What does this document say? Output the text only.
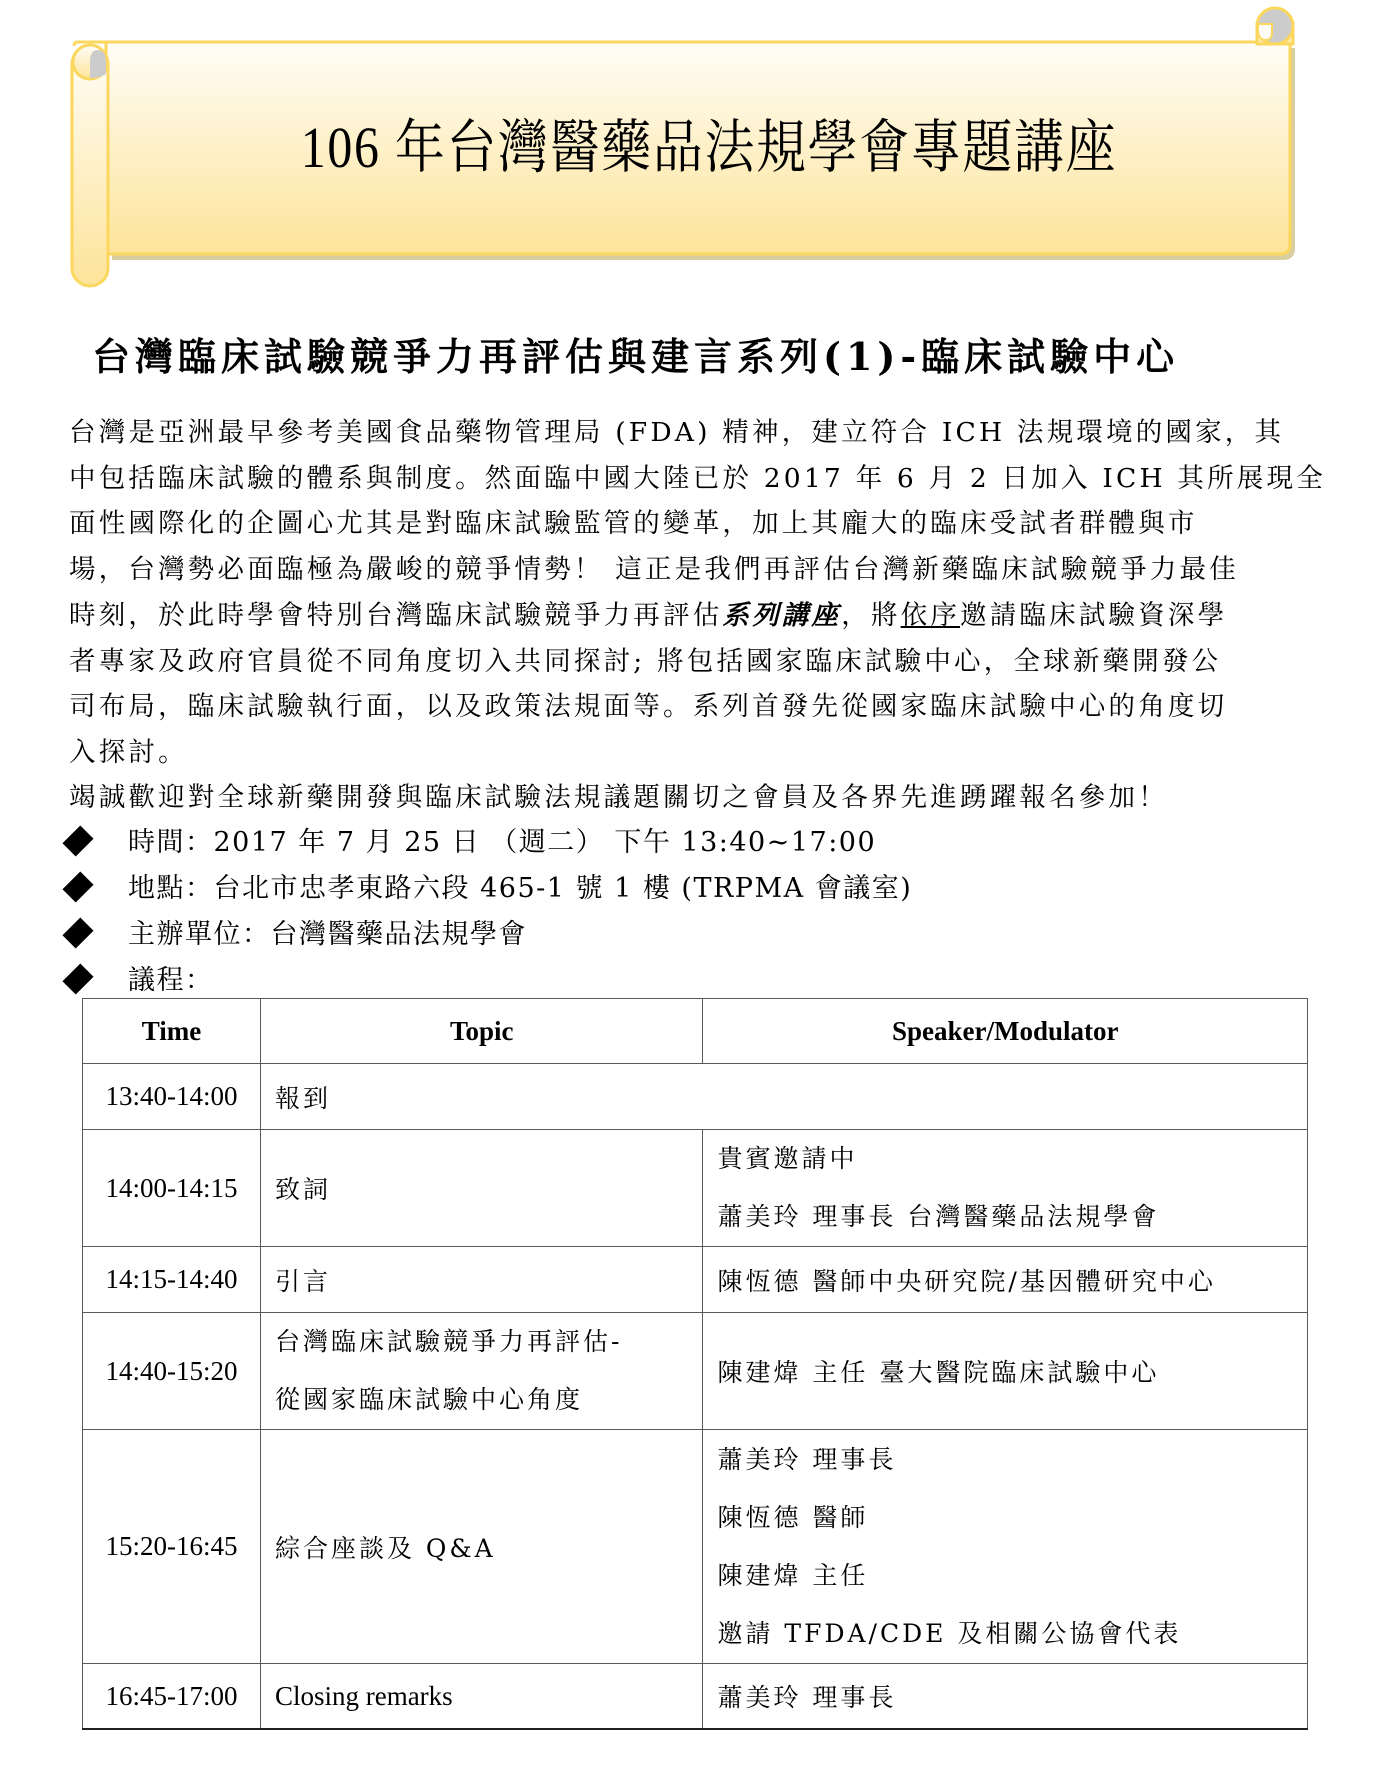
106 年台灣醫藥品法規學會專題講座
台灣臨床試驗競爭力再評估與建言系列(1)-臨床試驗中心
台灣是亞洲最早參考美國食品藥物管理局 (FDA) 精神，建立符合 ICH 法規環境的國家，其
中包括臨床試驗的體系與制度。然面臨中國大陸已於 2017 年 6 月 2 日加入 ICH 其所展現全
面性國際化的企圖心尤其是對臨床試驗監管的變革，加上其龐大的臨床受試者群體與市
場，台灣勢必面臨極為嚴峻的競爭情勢！ 這正是我們再評估台灣新藥臨床試驗競爭力最佳
時刻，於此時學會特別台灣臨床試驗競爭力再評估系列講座，將依序邀請臨床試驗資深學
者專家及政府官員從不同角度切入共同探討; 將包括國家臨床試驗中心，全球新藥開發公
司布局，臨床試驗執行面，以及政策法規面等。系列首發先從國家臨床試驗中心的角度切
入探討。
竭誠歡迎對全球新藥開發與臨床試驗法規議題關切之會員及各界先進踴躍報名參加！
時間：2017 年 7 月 25 日 （週二） 下午 13:40~17:00
地點：台北市忠孝東路六段 465-1 號 1 樓 (TRPMA 會議室)
主辦單位：台灣醫藥品法規學會
議程：
Time	Topic	Speaker/Modulator
13:40-14:00	報到	
14:00-14:15	致詞	貴賓邀請中
蕭美玲 理事長 台灣醫藥品法規學會

14:15-14:40	引言	陳恆德 醫師中央研究院/基因體研究中心
14:40-15:20	台灣臨床試驗競爭力再評估-
從國家臨床試驗中心角度	陳建煒 主任 臺大醫院臨床試驗中心
15:20-16:45	綜合座談及 Q&A	蕭美玲 理事長
陳恆德 醫師
陳建煒 主任
邀請 TFDA/CDE 及相關公協會代表

16:45-17:00	Closing remarks	蕭美玲 理事長
